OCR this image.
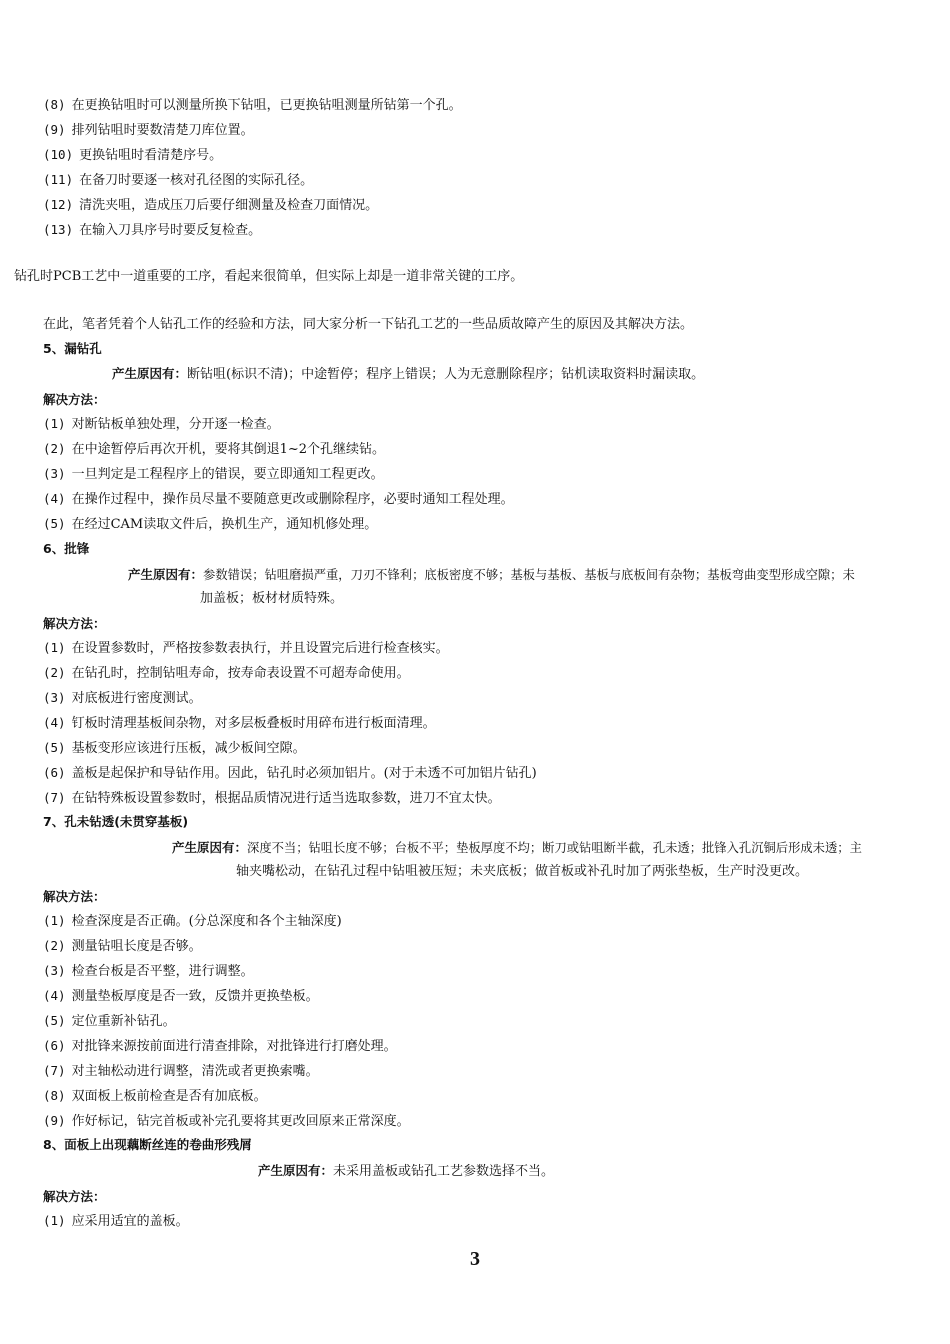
(8) 在更换钻咀时可以测量所换下钻咀，已更换钻咀测量所钻第一个孔。
(9) 排列钻咀时要数清楚刀库位置。
(10) 更换钻咀时看清楚序号。
(11) 在备刀时要逐一核对孔径图的实际孔径。
(12) 清洗夹咀，造成压刀后要仔细测量及检查刀面情况。
(13) 在输入刀具序号时要反复检查。
钻孔时PCB工艺中一道重要的工序，看起来很简单，但实际上却是一道非常关键的工序。
在此，笔者凭着个人钻孔工作的经验和方法，同大家分析一下钻孔工艺的一些品质故障产生的原因及其解决方法。
5、漏钻孔
产生原因有：断钻咀(标识不清)；中途暂停；程序上错误；人为无意删除程序；钻机读取资料时漏读取。
解决方法：
(1) 对断钻板单独处理，分开逐一检查。
(2) 在中途暂停后再次开机，要将其倒退1~2个孔继续钻。
(3) 一旦判定是工程程序上的错误，要立即通知工程更改。
(4) 在操作过程中，操作员尽量不要随意更改或删除程序，必要时通知工程处理。
(5) 在经过CAM读取文件后，换机生产，通知机修处理。
6、批锋
产生原因有：参数错误；钻咀磨损严重，刀刃不锋利；底板密度不够；基板与基板、基板与底板间有杂物；基板弯曲变型形成空隙；未
加盖板；板材材质特殊。
解决方法：
(1) 在设置参数时，严格按参数表执行，并且设置完后进行检查核实。
(2) 在钻孔时，控制钻咀寿命，按寿命表设置不可超寿命使用。
(3) 对底板进行密度测试。
(4) 钉板时清理基板间杂物，对多层板叠板时用碎布进行板面清理。
(5) 基板变形应该进行压板，减少板间空隙。
(6) 盖板是起保护和导钻作用。因此，钻孔时必须加铝片。(对于未透不可加铝片钻孔)
(7) 在钻特殊板设置参数时，根据品质情况进行适当选取参数，进刀不宜太快。
7、孔未钻透(未贯穿基板)
产生原因有：深度不当；钻咀长度不够；台板不平；垫板厚度不均；断刀或钻咀断半截，孔未透；批锋入孔沉铜后形成未透；主
轴夹嘴松动，在钻孔过程中钻咀被压短；未夹底板；做首板或补孔时加了两张垫板，生产时没更改。
解决方法：
(1) 检查深度是否正确。(分总深度和各个主轴深度)
(2) 测量钻咀长度是否够。
(3) 检查台板是否平整，进行调整。
(4) 测量垫板厚度是否一致，反馈并更换垫板。
(5) 定位重新补钻孔。
(6) 对批锋来源按前面进行清查排除，对批锋进行打磨处理。
(7) 对主轴松动进行调整，清洗或者更换索嘴。
(8) 双面板上板前检查是否有加底板。
(9) 作好标记，钻完首板或补完孔要将其更改回原来正常深度。
8、面板上出现藕断丝连的卷曲形残屑
产生原因有：未采用盖板或钻孔工艺参数选择不当。
解决方法：
(1) 应采用适宜的盖板。
3
